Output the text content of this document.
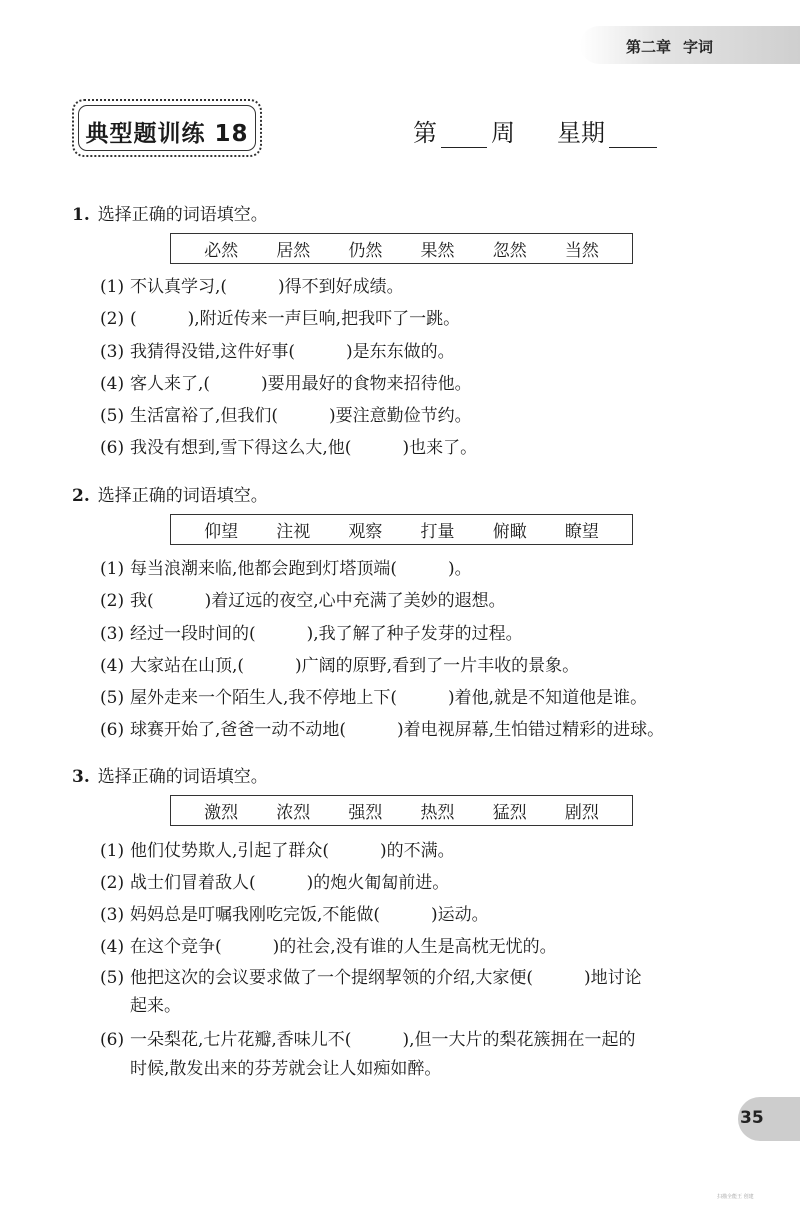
第二章 字词
典型题训练 18	第 周 星期
1. 选择正确的词语填空。
必然 居然 仍然 果然 忽然 当然
(1) 不认真学习,(　　　)得不到好成绩。
(2) (　　　),附近传来一声巨响,把我吓了一跳。
(3) 我猜得没错,这件好事(　　　)是东东做的。
(4) 客人来了,(　　　)要用最好的食物来招待他。
(5) 生活富裕了,但我们(　　　)要注意勤俭节约。
(6) 我没有想到,雪下得这么大,他(　　　)也来了。
2. 选择正确的词语填空。
仰望 注视 观察 打量 俯瞰 瞭望
(1) 每当浪潮来临,他都会跑到灯塔顶端(　　　)。
(2) 我(　　　)着辽远的夜空,心中充满了美妙的遐想。
(3) 经过一段时间的(　　　),我了解了种子发芽的过程。
(4) 大家站在山顶,(　　　)广阔的原野,看到了一片丰收的景象。
(5) 屋外走来一个陌生人,我不停地上下(　　　)着他,就是不知道他是谁。
(6) 球赛开始了,爸爸一动不动地(　　　)着电视屏幕,生怕错过精彩的进球。
3. 选择正确的词语填空。
激烈 浓烈 强烈 热烈 猛烈 剧烈
(1) 他们仗势欺人,引起了群众(　　　)的不满。
(2) 战士们冒着敌人(　　　)的炮火匍匐前进。
(3) 妈妈总是叮嘱我刚吃完饭,不能做(　　　)运动。
(4) 在这个竞争(　　　)的社会,没有谁的人生是高枕无忧的。
(5) 他把这次的会议要求做了一个提纲挈领的介绍,大家便(　　　)地讨论
起来。
(6) 一朵梨花,七片花瓣,香味儿不(　　　),但一大片的梨花簇拥在一起的
时候,散发出来的芬芳就会让人如痴如醉。
35
扫描全能王 创建
